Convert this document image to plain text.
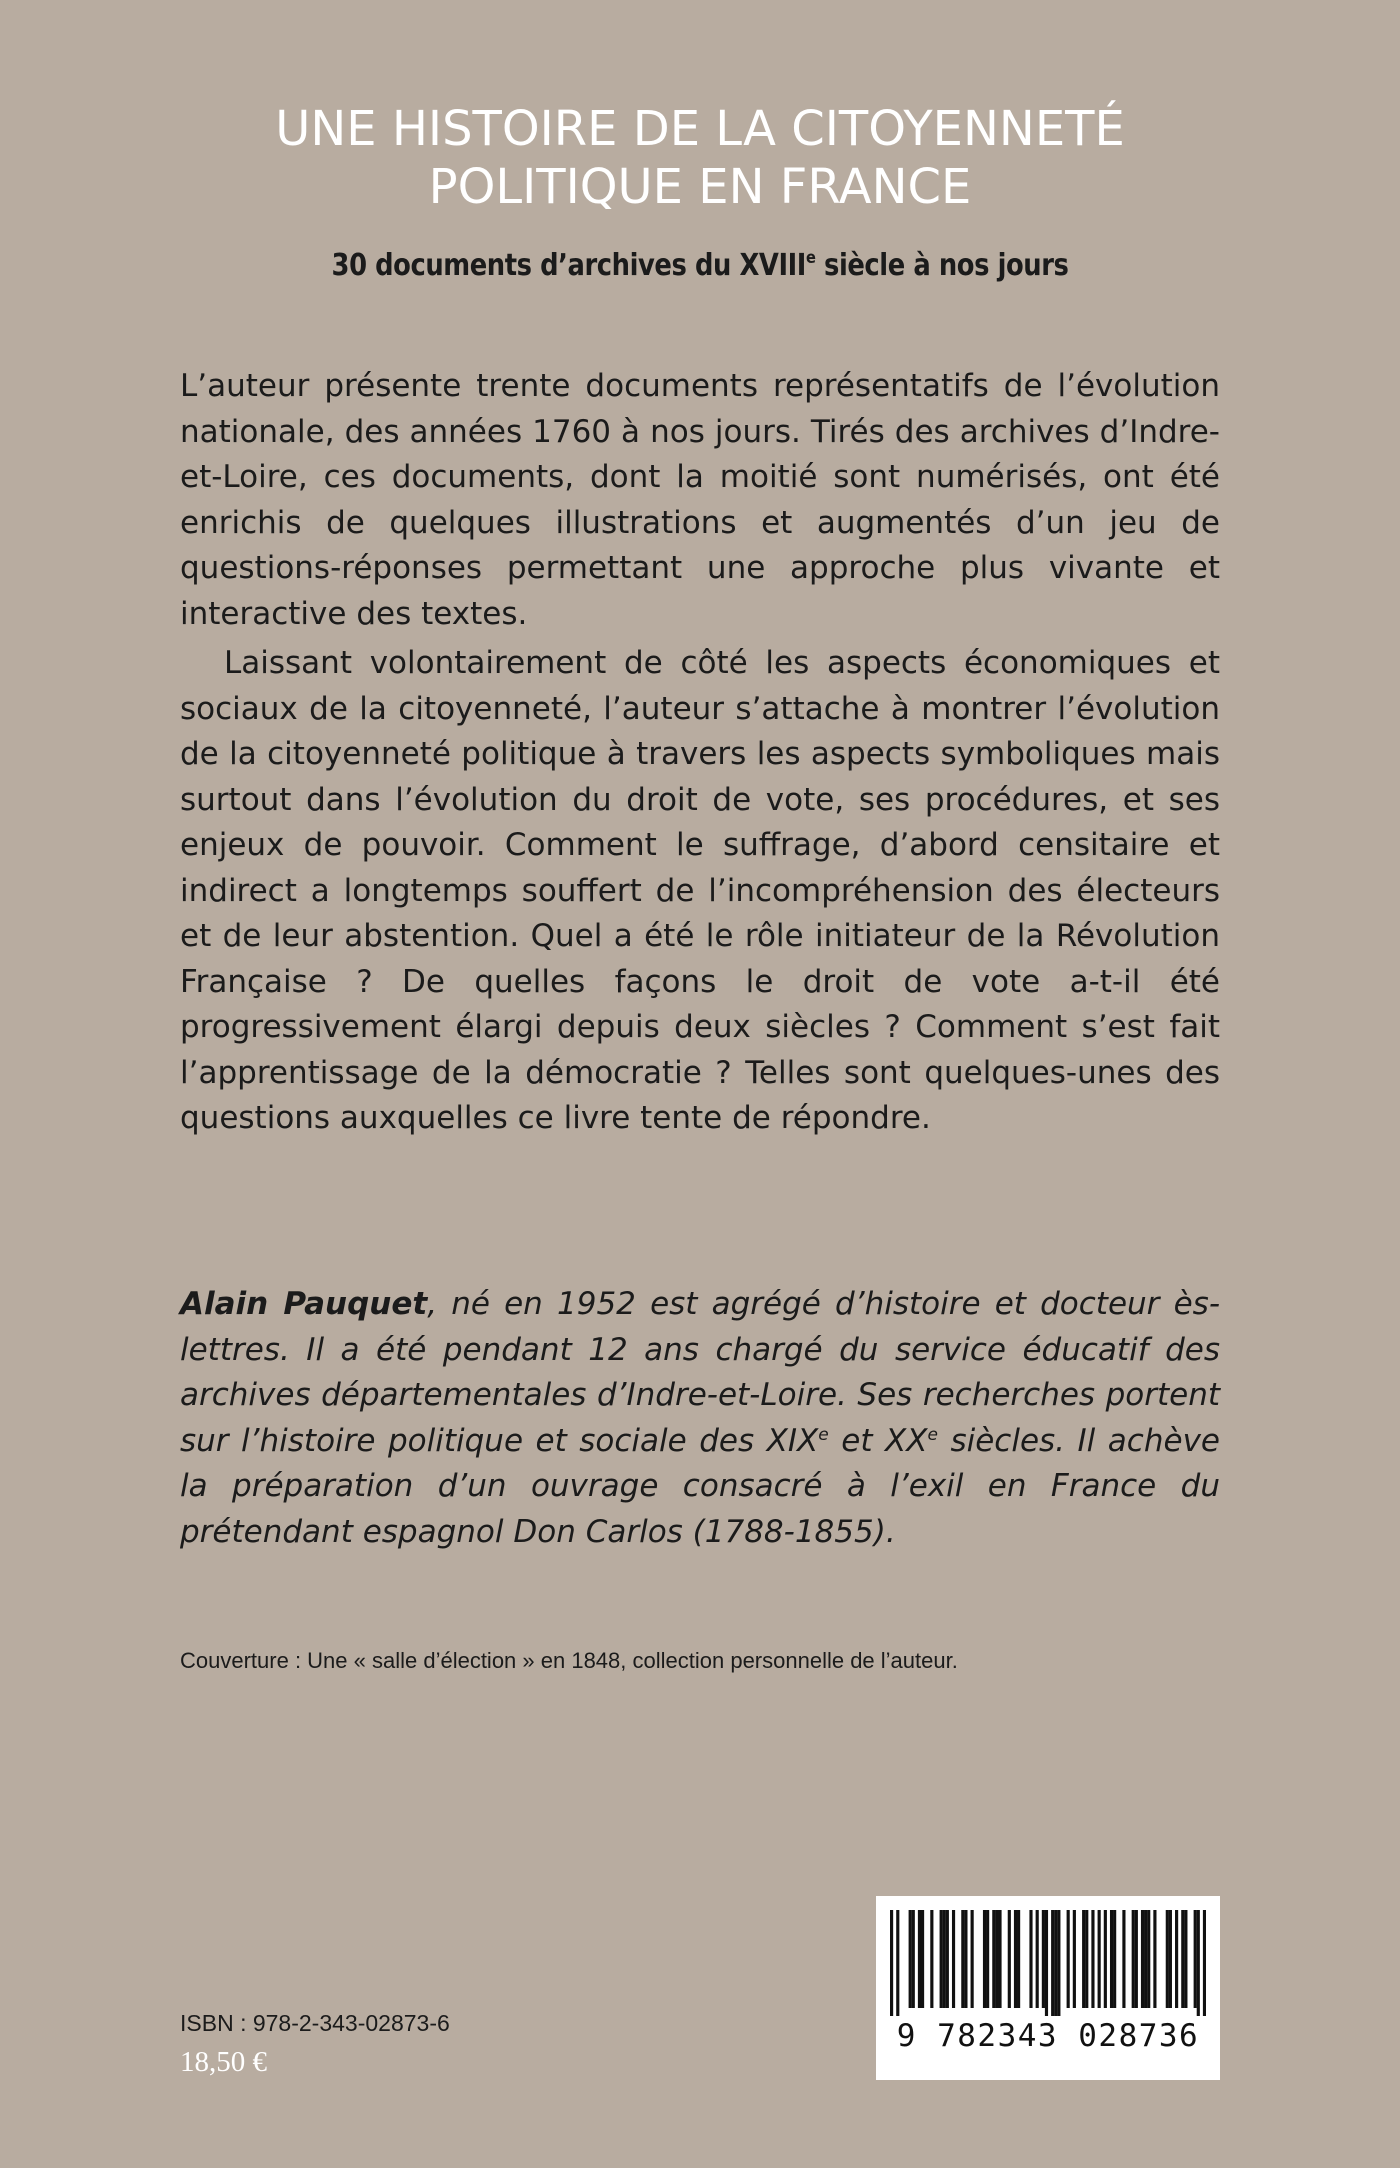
UNE HISTOIRE DE LA CITOYENNETÉ
POLITIQUE EN FRANCE
30 documents d’archives du XVIIIe siècle à nos jours

L’auteur présente trente documents représentatifs de l’évolution nationale, des années 1760 à nos jours. Tirés des archives d’Indre-et-Loire, ces documents, dont la moitié sont numérisés, ont été enrichis de quelques illustrations et augmentés d’un jeu de questions-réponses permettant une approche plus vivante et interactive des textes.

Laissant volontairement de côté les aspects économiques et sociaux de la citoyenneté, l’auteur s’attache à montrer l’évolution de la citoyenneté politique à travers les aspects symboliques mais surtout dans l’évolution du droit de vote, ses procédures, et ses enjeux de pouvoir. Comment le suffrage, d’abord censitaire et indirect a longtemps souffert de l’incompréhension des électeurs et de leur abstention. Quel a été le rôle initiateur de la Révolution Française ? De quelles façons le droit de vote a-t-il été progressivement élargi depuis deux siècles ? Comment s’est fait l’apprentissage de la démocratie ? Telles sont quelques-unes des questions auxquelles ce livre tente de répondre.

Alain Pauquet, né en 1952 est agrégé d’histoire et docteur ès-lettres. Il a été pendant 12 ans chargé du service éducatif des archives départementales d’Indre-et-Loire. Ses recherches portent sur l’histoire politique et sociale des XIXe et XXe siècles. Il achève la préparation d’un ouvrage consacré à l’exil en France du prétendant espagnol Don Carlos (1788-1855).
Couverture : Une « salle d’élection » en 1848, collection personnelle de l’auteur.
ISBN : 978-2-343-02873-6
18,50 €
9 782343 028736
